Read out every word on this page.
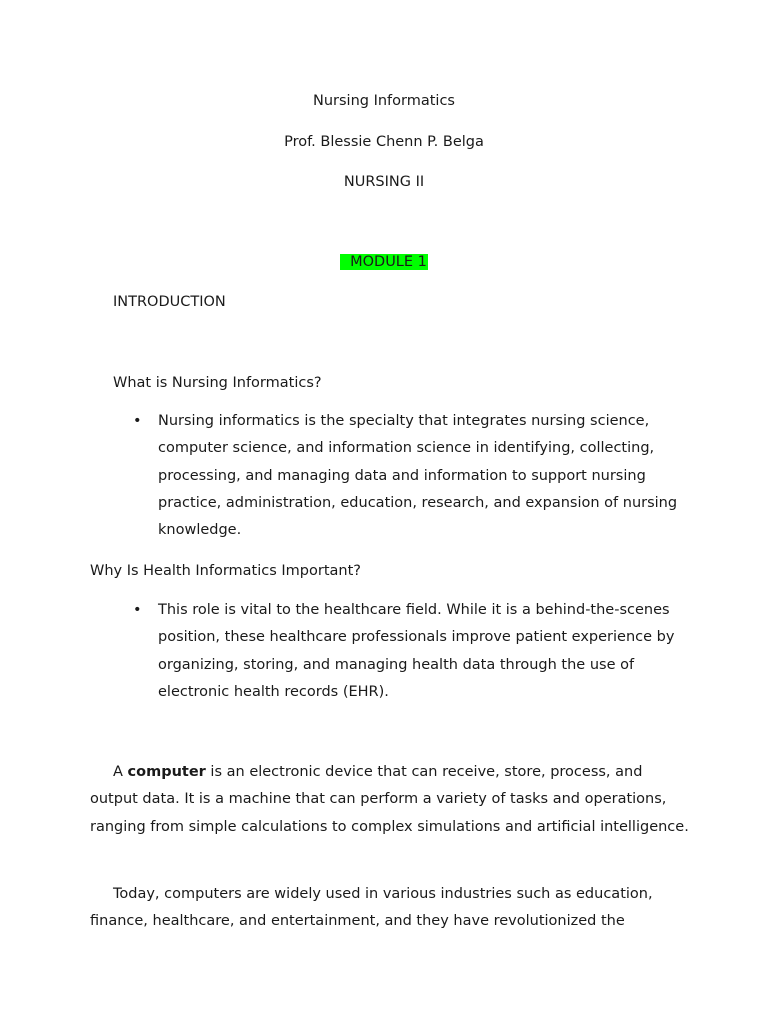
Nursing Informatics
Prof. Blessie Chenn P. Belga
NURSING II
MODULE 1
INTRODUCTION
What is Nursing Informatics?
• Nursing informatics is the specialty that integrates nursing science, computer science, and information science in identifying, collecting, processing, and managing data and information to support nursing practice, administration, education, research, and expansion of nursing knowledge.
Why Is Health Informatics Important?
• This role is vital to the healthcare field. While it is a behind-the-scenes position, these healthcare professionals improve patient experience by organizing, storing, and managing health data through the use of electronic health records (EHR).
A computer is an electronic device that can receive, store, process, and output data. It is a machine that can perform a variety of tasks and operations, ranging from simple calculations to complex simulations and artificial intelligence.
Today, computers are widely used in various industries such as education, finance, healthcare, and entertainment, and they have revolutionized the
